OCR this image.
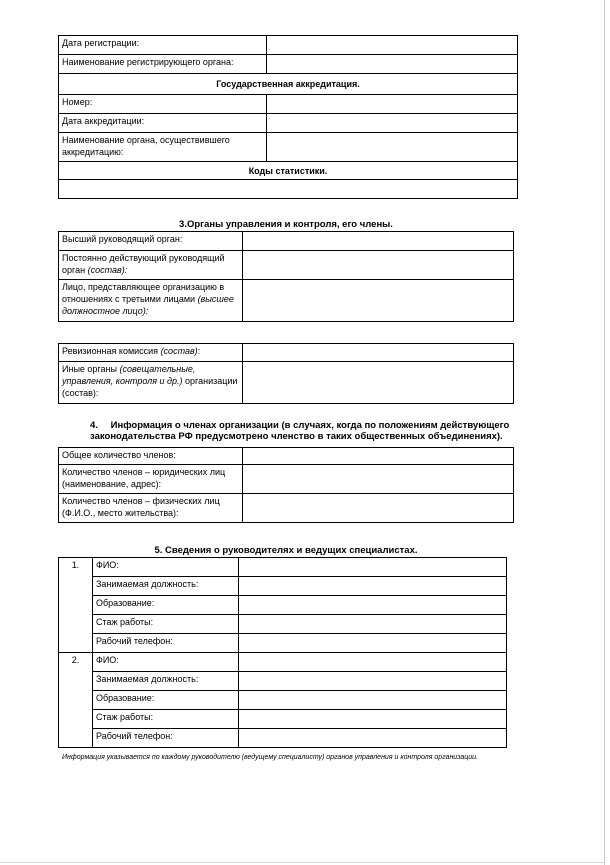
Дата регистрации:	
Наименование регистрирующего органа:	
Государственная аккредитация.	
Номер:	
Дата аккредитации:	
Наименование органа, осуществившего аккредитацию:	
Коды статистики.	

3.Органы управления и контроля, его члены.
Высший руководящий орган:	
Постоянно действующий руководящий орган (состав):	
Лицо, представляющее организацию в отношениях с третьими лицами (высшее должностное лицо):	
Ревизионная комиссия (состав):	
Иные органы (совещательные, управления, контроля и др.) организации (состав):	
4. Информация о членах организации (в случаях, когда по положениям действующего законодательства РФ предусмотрено членство в таких общественных объединениях).
Общее количество членов:	
Количество членов – юридических лиц (наименование, адрес):	
Количество членов – физических лиц (Ф.И.О., место жительства):	
5. Сведения о руководителях и ведущих специалистах.
1.	ФИО:	
	Занимаемая должность:	
	Образование:	
	Стаж работы:	
	Рабочий телефон:	
2.	ФИО:	
	Занимаемая должность:	
	Образование:	
	Стаж работы:	
	Рабочий телефон:	
Информация указывается по каждому руководителю (ведущему специалисту) органов управления и контроля организации.
